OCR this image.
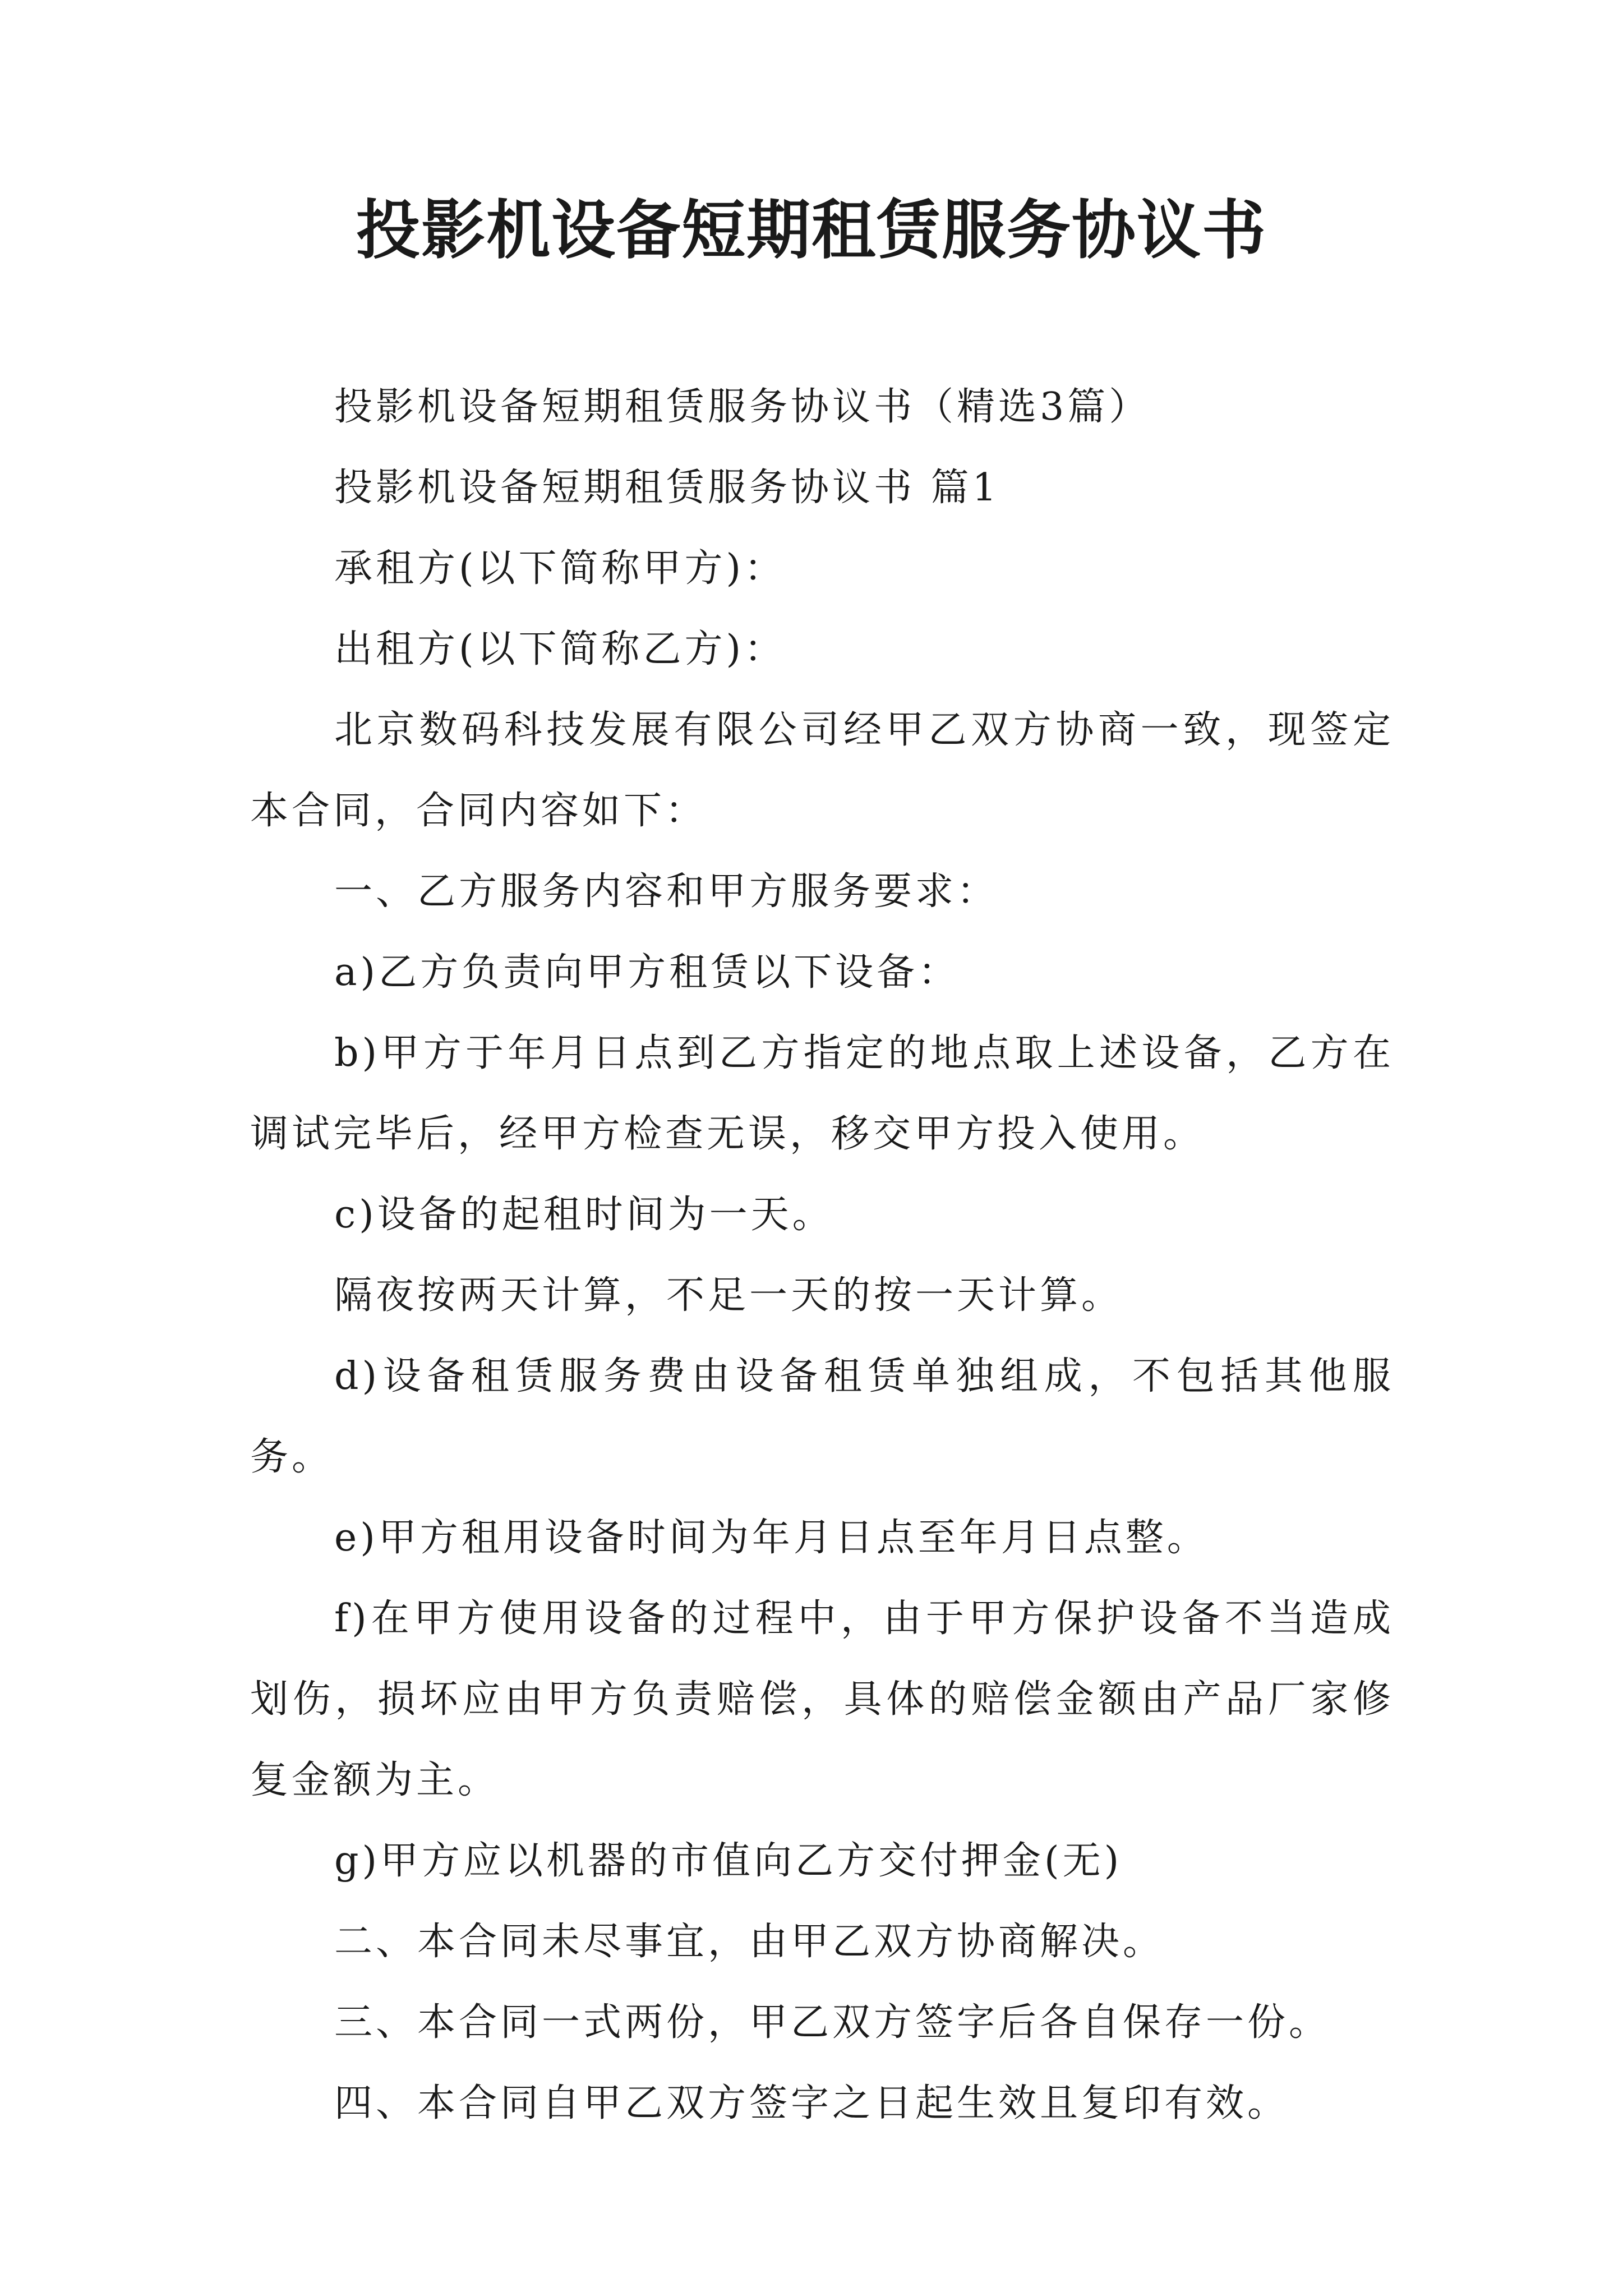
投影机设备短期租赁服务协议书

投影机设备短期租赁服务协议书（精选3篇）

投影机设备短期租赁服务协议书 篇1

承租方(以下简称甲方)：

出租方(以下简称乙方)：

北京数码科技发展有限公司经甲乙双方协商一致，现签定本合同，合同内容如下：

一、乙方服务内容和甲方服务要求：

a)乙方负责向甲方租赁以下设备：

b)甲方于年月日点到乙方指定的地点取上述设备，乙方在调试完毕后，经甲方检查无误，移交甲方投入使用。

c)设备的起租时间为一天。

隔夜按两天计算，不足一天的按一天计算。

d)设备租赁服务费由设备租赁单独组成，不包括其他服务。

e)甲方租用设备时间为年月日点至年月日点整。

f)在甲方使用设备的过程中，由于甲方保护设备不当造成划伤，损坏应由甲方负责赔偿，具体的赔偿金额由产品厂家修复金额为主。

g)甲方应以机器的市值向乙方交付押金(无)

二、本合同未尽事宜，由甲乙双方协商解决。

三、本合同一式两份，甲乙双方签字后各自保存一份。

四、本合同自甲乙双方签字之日起生效且复印有效。
